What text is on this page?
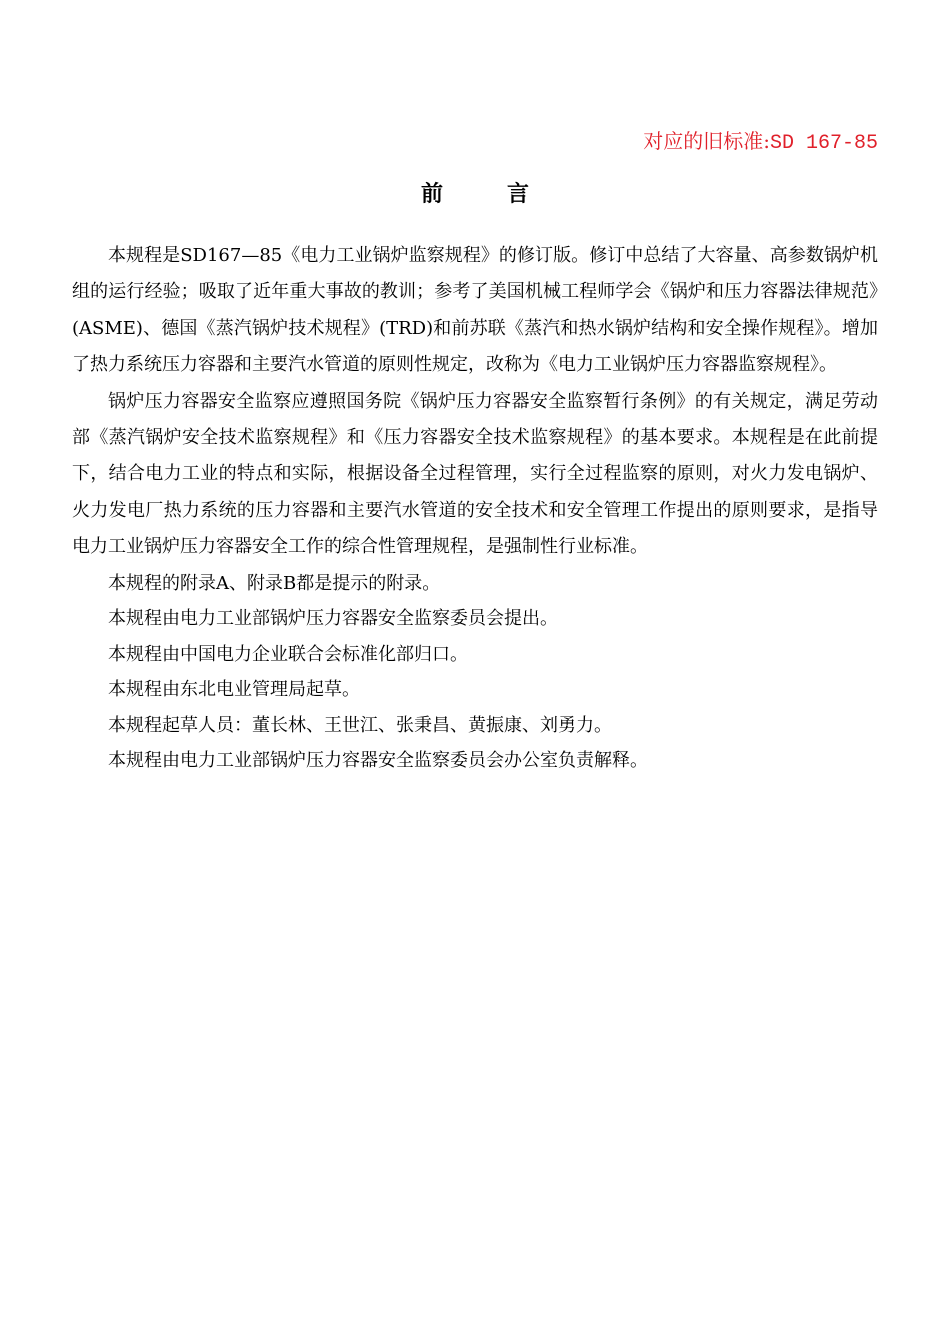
对应的旧标准:SD 167-85
前	言

本规程是SD167—85《电力工业锅炉监察规程》的修订版。修订中总结了大容量、高参数锅炉机组的运行经验；吸取了近年重大事故的教训；参考了美国机械工程师学会《锅炉和压力容器法律规范》(ASME)、德国《蒸汽锅炉技术规程》(TRD)和前苏联《蒸汽和热水锅炉结构和安全操作规程》。增加了热力系统压力容器和主要汽水管道的原则性规定，改称为《电力工业锅炉压力容器监察规程》。

锅炉压力容器安全监察应遵照国务院《锅炉压力容器安全监察暂行条例》的有关规定，满足劳动部《蒸汽锅炉安全技术监察规程》和《压力容器安全技术监察规程》的基本要求。本规程是在此前提下，结合电力工业的特点和实际，根据设备全过程管理，实行全过程监察的原则，对火力发电锅炉、火力发电厂热力系统的压力容器和主要汽水管道的安全技术和安全管理工作提出的原则要求，是指导电力工业锅炉压力容器安全工作的综合性管理规程，是强制性行业标准。

本规程的附录A、附录B都是提示的附录。

本规程由电力工业部锅炉压力容器安全监察委员会提出。

本规程由中国电力企业联合会标准化部归口。

本规程由东北电业管理局起草。

本规程起草人员：董长林、王世江、张秉昌、黄振康、刘勇力。

本规程由电力工业部锅炉压力容器安全监察委员会办公室负责解释。
